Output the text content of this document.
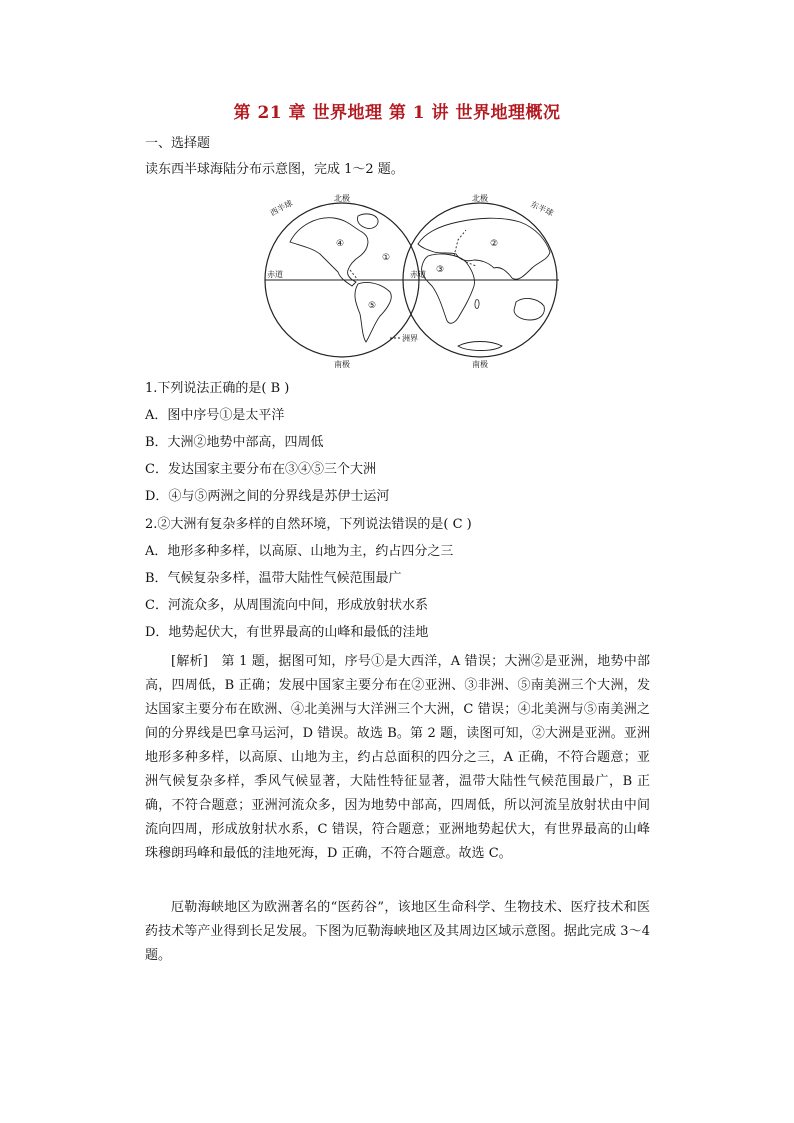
第 21 章 世界地理 第 1 讲 世界地理概况
一、选择题
读东西半球海陆分布示意图，完成 1～2 题。
西半球	东半球
北极	北极
南极	南极
赤道	赤道
洲界
④
①
⑤
②
③
1.下列说法正确的是( B )
A．图中序号①是太平洋
B．大洲②地势中部高，四周低
C．发达国家主要分布在③④⑤三个大洲
D．④与⑤两洲之间的分界线是苏伊士运河
2.②大洲有复杂多样的自然环境，下列说法错误的是( C )
A．地形多种多样，以高原、山地为主，约占四分之三
B．气候复杂多样，温带大陆性气候范围最广
C．河流众多，从周围流向中间，形成放射状水系
D．地势起伏大，有世界最高的山峰和最低的洼地
[解析]　第 1 题，据图可知，序号①是大西洋，A 错误；大洲②是亚洲，地势中部高，四周低，B 正确；发展中国家主要分布在②亚洲、③非洲、⑤南美洲三个大洲，发达国家主要分布在欧洲、④北美洲与大洋洲三个大洲，C 错误；④北美洲与⑤南美洲之间的分界线是巴拿马运河，D 错误。故选 B。第 2 题，读图可知，②大洲是亚洲。亚洲地形多种多样，以高原、山地为主，约占总面积的四分之三，A 正确，不符合题意；亚洲气候复杂多样，季风气候显著，大陆性特征显著，温带大陆性气候范围最广，B 正确，不符合题意；亚洲河流众多，因为地势中部高，四周低，所以河流呈放射状由中间流向四周，形成放射状水系，C 错误，符合题意；亚洲地势起伏大，有世界最高的山峰珠穆朗玛峰和最低的洼地死海，D 正确，不符合题意。故选 C。
厄勒海峡地区为欧洲著名的“医药谷”，该地区生命科学、生物技术、医疗技术和医药技术等产业得到长足发展。下图为厄勒海峡地区及其周边区域示意图。据此完成 3～4 题。
